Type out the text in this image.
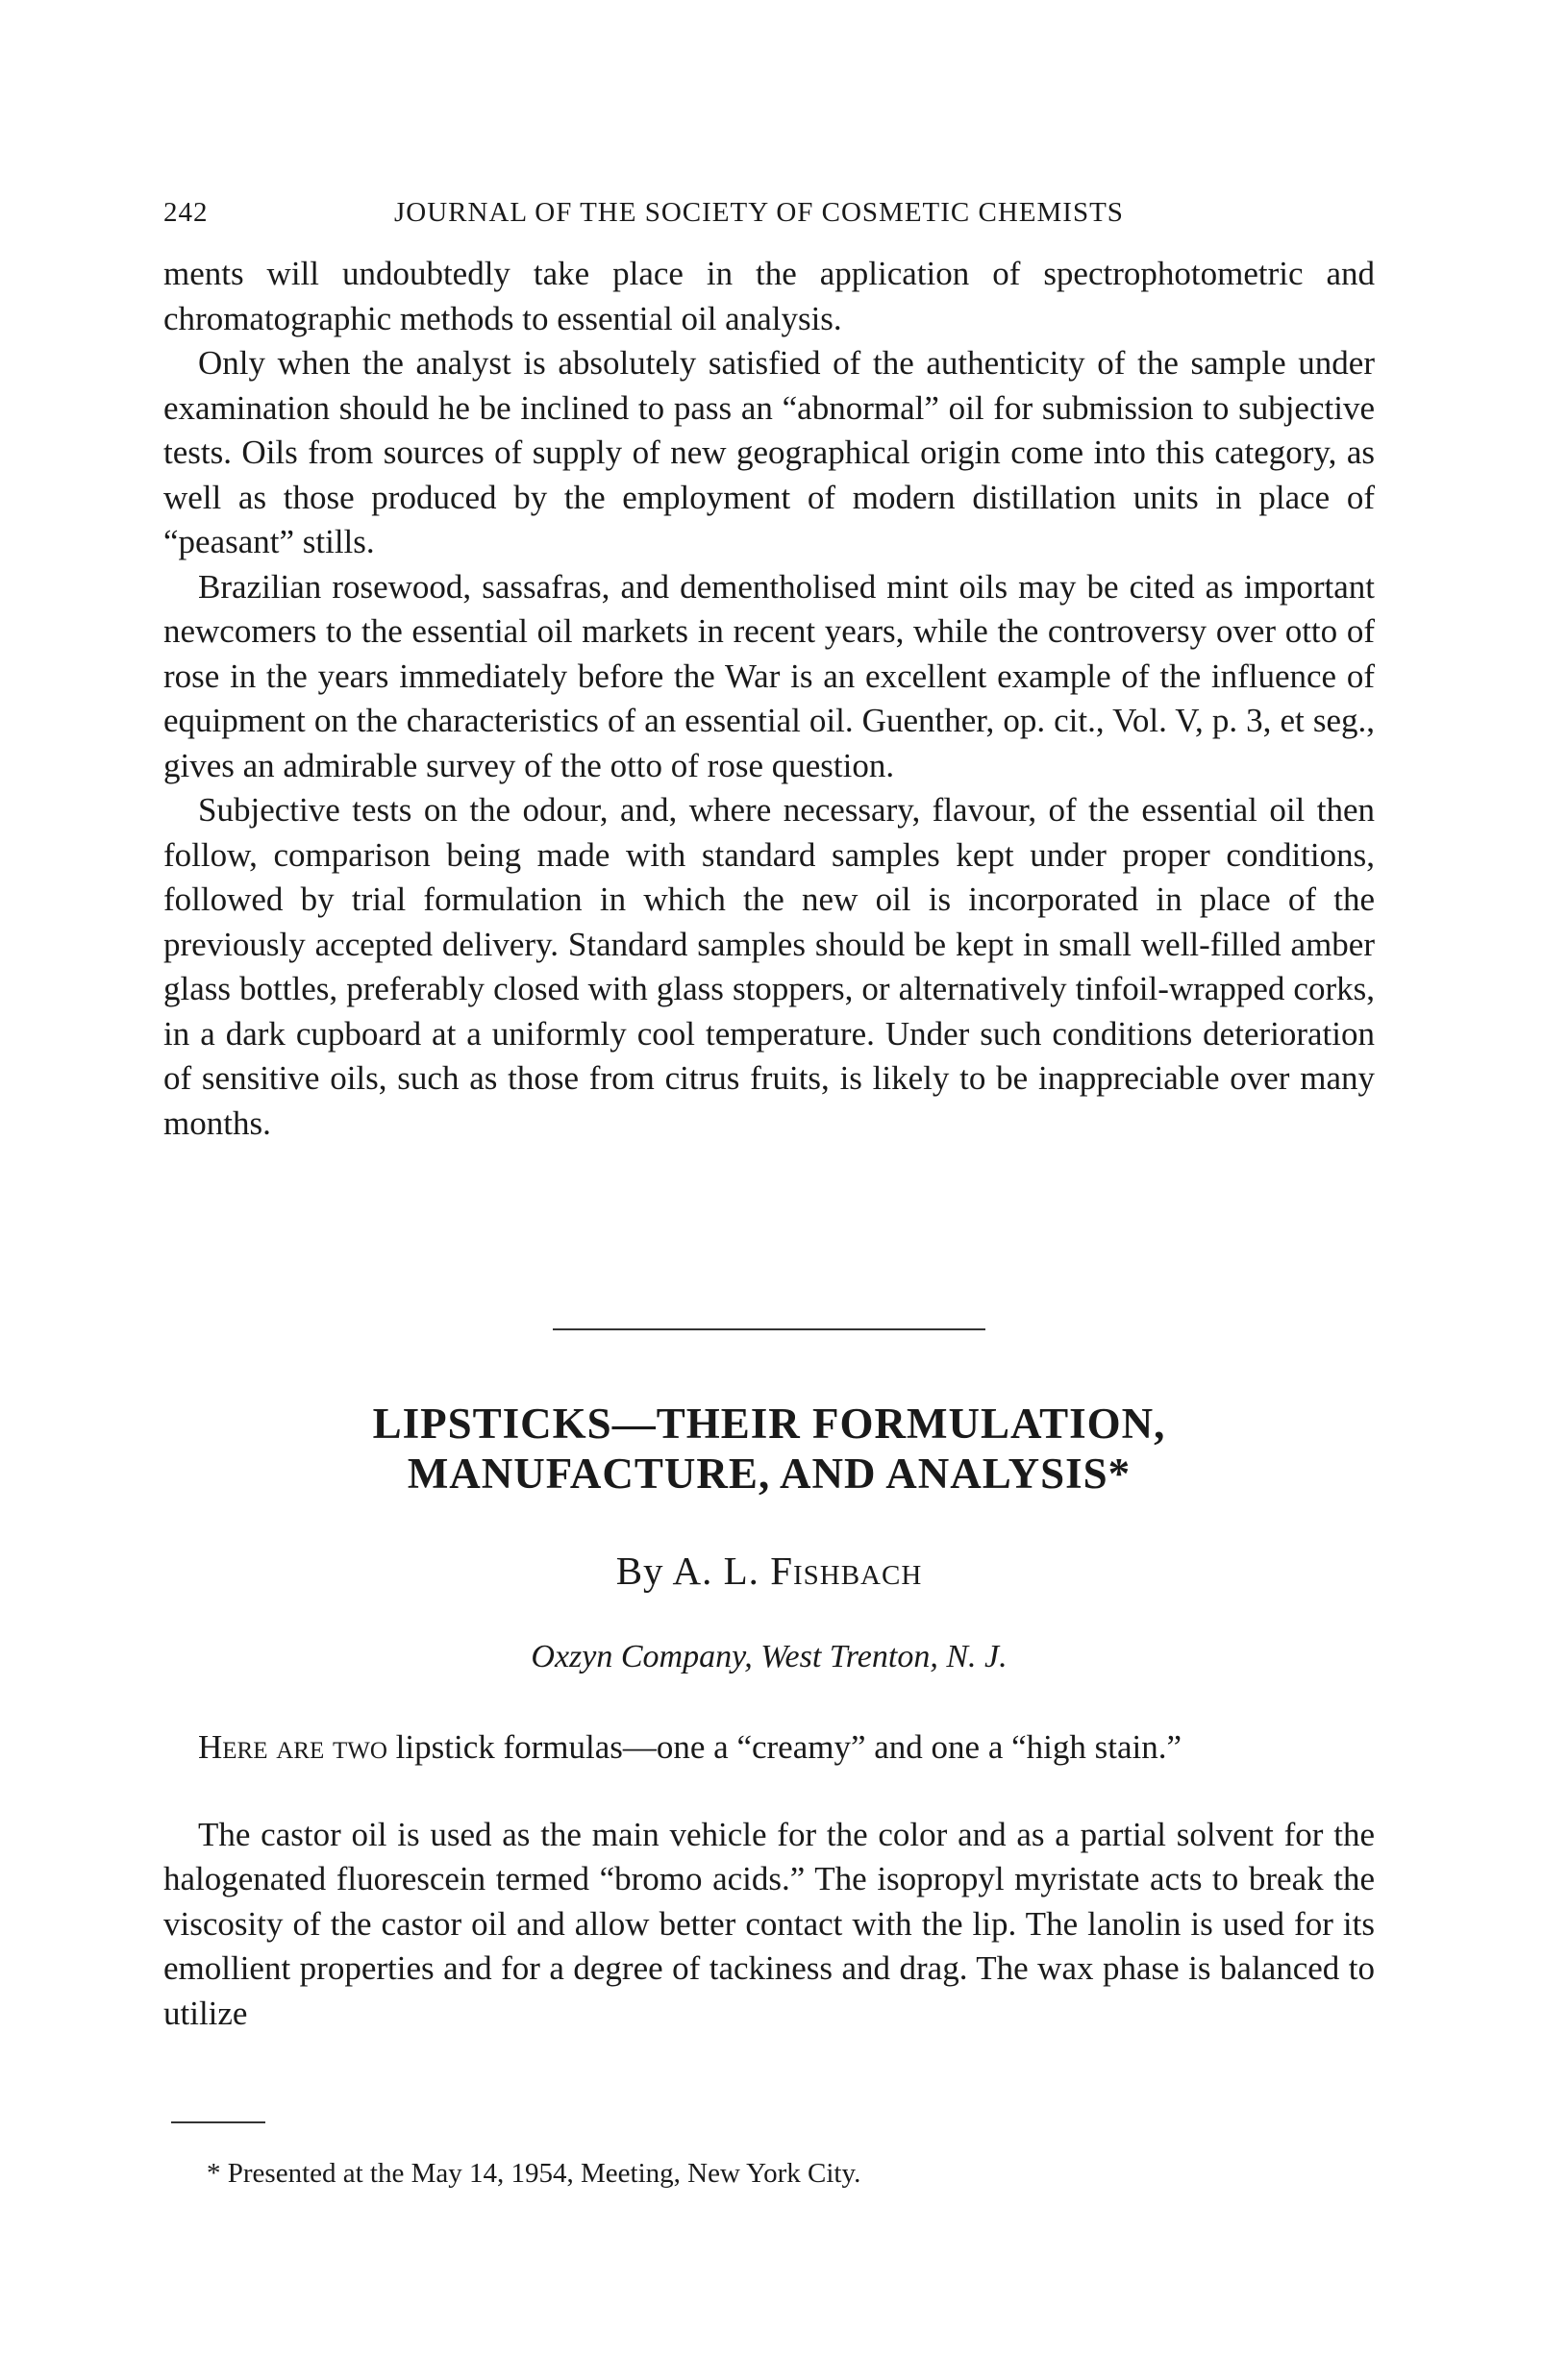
242	JOURNAL OF THE SOCIETY OF COSMETIC CHEMISTS

ments will undoubtedly take place in the application of spectrophotometric and chromatographic methods to essential oil analysis.

Only when the analyst is absolutely satisfied of the authenticity of the sample under examination should he be inclined to pass an “abnormal” oil for submission to subjective tests. Oils from sources of supply of new geographical origin come into this category, as well as those produced by the employment of modern distillation units in place of “peasant” stills.

Brazilian rosewood, sassafras, and dementholised mint oils may be cited as important newcomers to the essential oil markets in recent years, while the controversy over otto of rose in the years immediately before the War is an excellent example of the influence of equipment on the characteristics of an essential oil. Guenther, op. cit., Vol. V, p. 3, et seg., gives an admirable survey of the otto of rose question.

Subjective tests on the odour, and, where necessary, flavour, of the essential oil then follow, comparison being made with standard samples kept under proper conditions, followed by trial formulation in which the new oil is incorporated in place of the previously accepted delivery. Standard samples should be kept in small well-filled amber glass bottles, preferably closed with glass stoppers, or alternatively tinfoil-wrapped corks, in a dark cupboard at a uniformly cool temperature. Under such conditions deterioration of sensitive oils, such as those from citrus fruits, is likely to be inappreciable over many months.

LIPSTICKS—THEIR FORMULATION,
MANUFACTURE, AND ANALYSIS*
By A. L. Fishbach
Oxzyn Company, West Trenton, N. J.

Here are two lipstick formulas—one a “creamy” and one a “high stain.”

The castor oil is used as the main vehicle for the color and as a partial solvent for the halogenated fluorescein termed “bromo acids.” The isopropyl myristate acts to break the viscosity of the castor oil and allow better contact with the lip. The lanolin is used for its emollient properties and for a degree of tackiness and drag. The wax phase is balanced to utilize

* Presented at the May 14, 1954, Meeting, New York City.
